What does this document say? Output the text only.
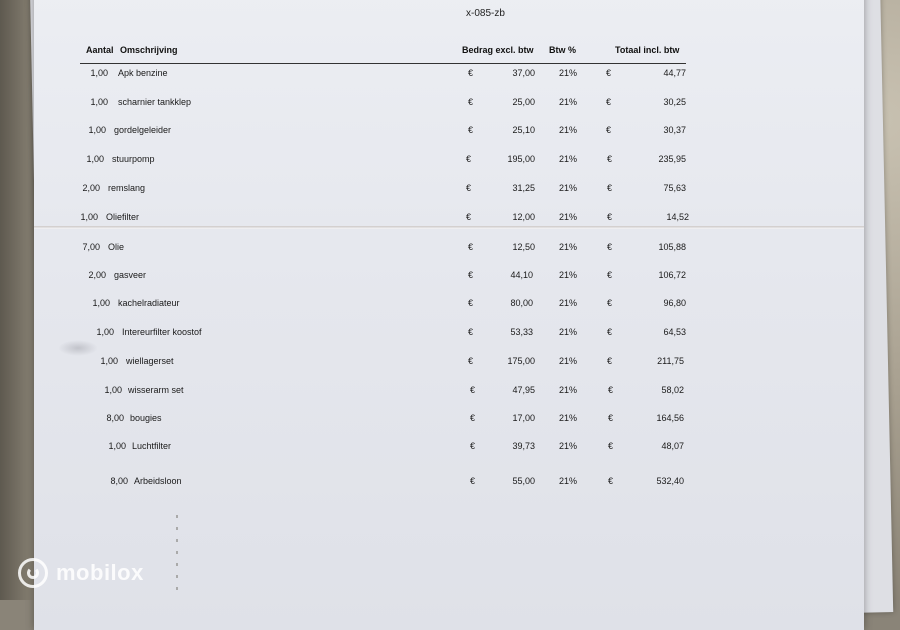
x-085-zb
Aantal Omschrijving	Bedrag excl. btw Btw %	Totaal incl. btw
1,00 Apk benzine	€	37,00	21%	€	44,77
1,00 scharnier tankklep	€	25,00	21%	€	30,25
1,00 gordelgeleider	€	25,10	21%	€	30,37
1,00 stuurpomp	€	195,00	21%	€	235,95
2,00 remslang	€	31,25	21%	€	75,63
1,00 Oliefilter	€	12,00	21%	€	14,52
7,00 Olie	€	12,50	21%	€	105,88
2,00 gasveer	€	44,10	21%	€	106,72
1,00 kachelradiateur	€	80,00	21%	€	96,80
1,00 Intereurfilter koostof	€	53,33	21%	€	64,53
1,00 wiellagerset	€	175,00	21%	€	211,75
1,00 wisserarm set	€	47,95	21%	€	58,02
8,00 bougies	€	17,00	21%	€	164,56
1,00 Luchtfilter	€	39,73	21%	€	48,07
8,00 Arbeidsloon	€	55,00	21%	€	532,40
mobilox
